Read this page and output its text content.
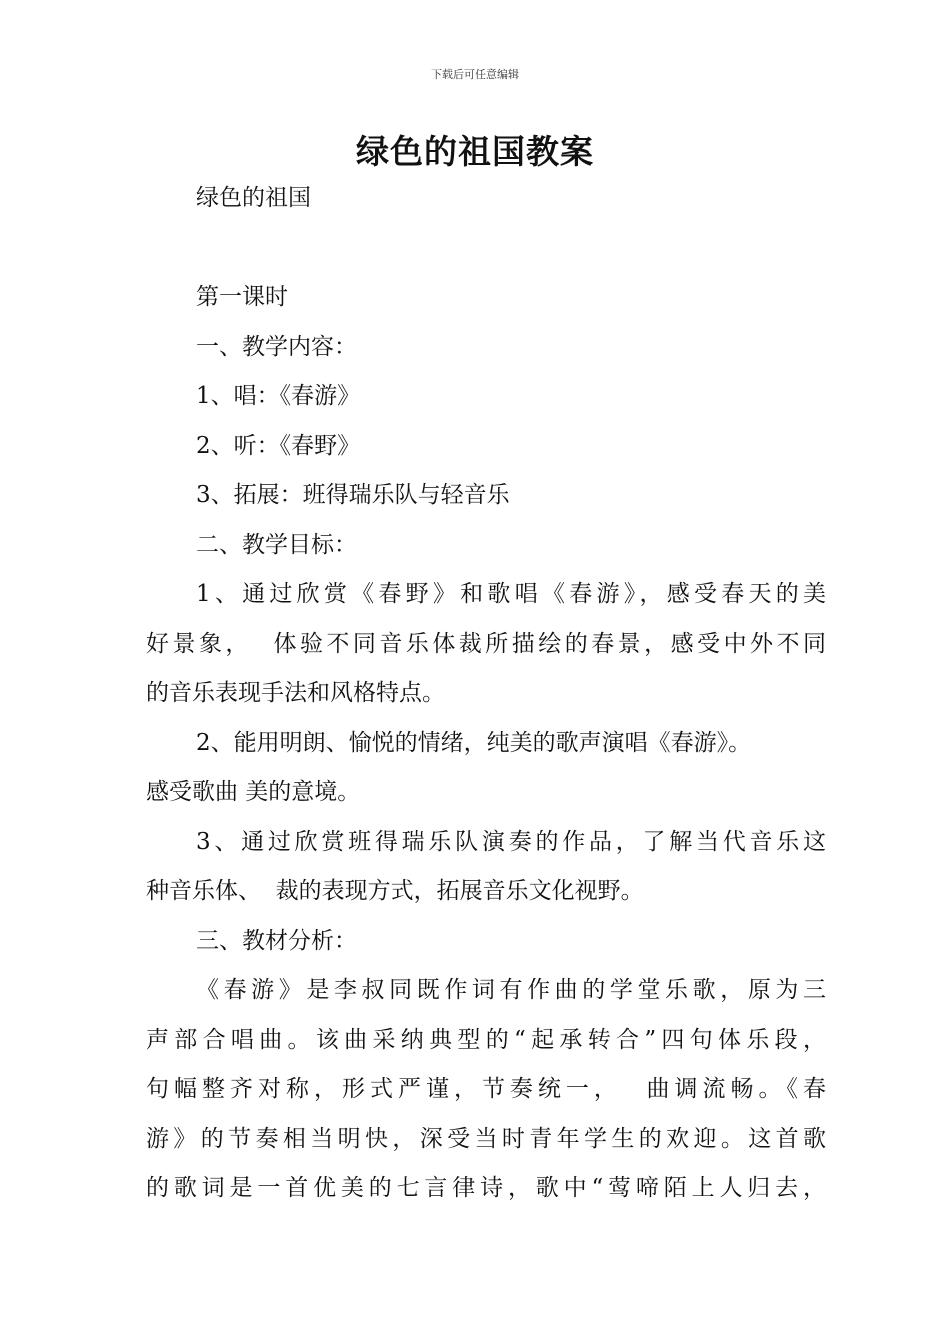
下载后可任意编辑
绿色的祖国教案

绿色的祖国

第一课时

一、教学内容：

1、唱：《春游》

2、听：《春野》

3、拓展：班得瑞乐队与轻音乐

二、教学目标：

1、通过欣赏《春野》和歌唱《春游》，感受春天的美

好景象，  体验不同音乐体裁所描绘的春景，感受中外不同

的音乐表现手法和风格特点。

2、能用明朗、愉悦的情绪，纯美的歌声演唱《春游》。

感受歌曲 美的意境。

3、通过欣赏班得瑞乐队演奏的作品，了解当代音乐这

种音乐体、  裁的表现方式，拓展音乐文化视野。

三、教材分析：

《春游》是李叔同既作词有作曲的学堂乐歌，原为三

声部合唱曲。该曲采纳典型的“起承转合”四句体乐段，

句幅整齐对称，形式严谨，节奏统一，  曲调流畅。《春

游》的节奏相当明快，深受当时青年学生的欢迎。这首歌

的歌词是一首优美的七言律诗，歌中“莺啼陌上人归去，
